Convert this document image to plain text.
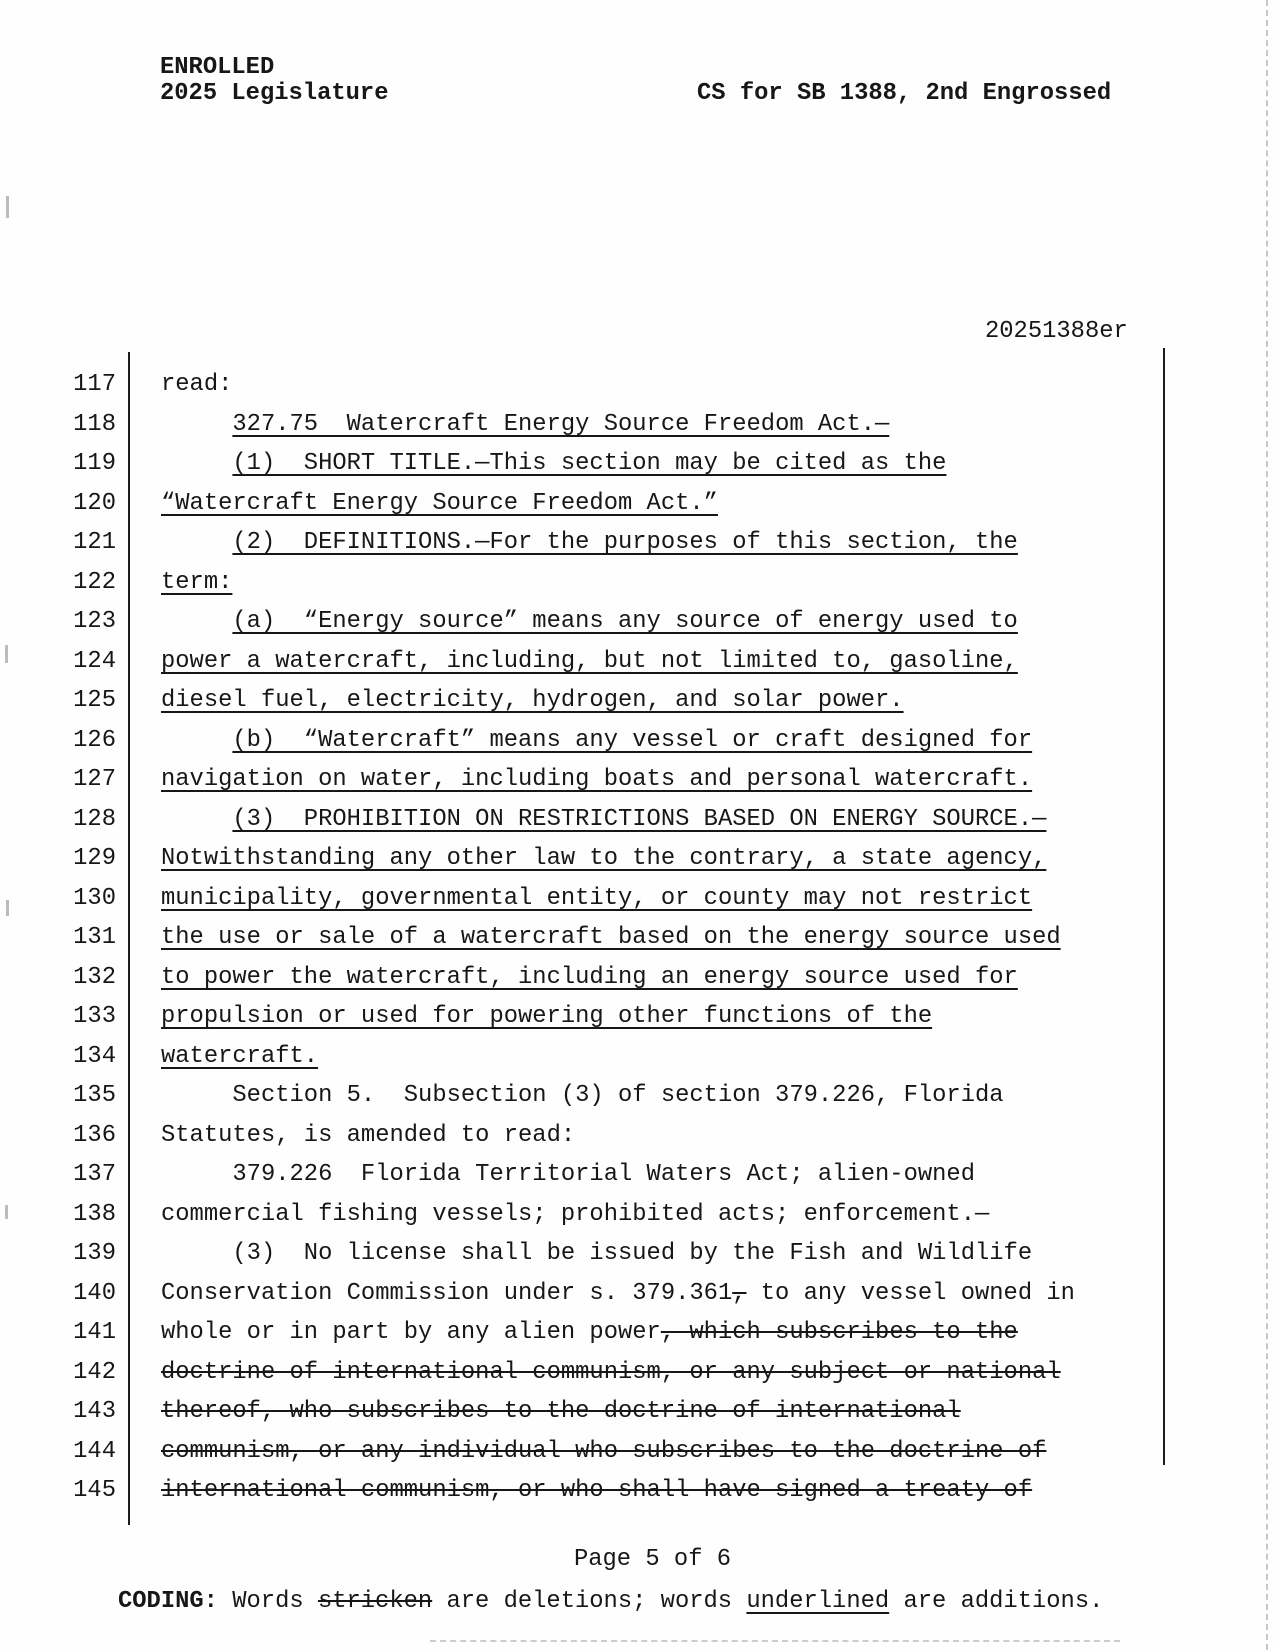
ENROLLED
2025 Legislature	CS for SB 1388, 2nd Engrossed
20251388er
117 read:
118	327.75  Watercraft Energy Source Freedom Act.—
119	(1)  SHORT TITLE.—This section may be cited as the
120 “Watercraft Energy Source Freedom Act.”
121	(2)  DEFINITIONS.—For the purposes of this section, the
122 term:
123	(a)  “Energy source” means any source of energy used to
124 power a watercraft, including, but not limited to, gasoline,
125 diesel fuel, electricity, hydrogen, and solar power.
126	(b)  “Watercraft” means any vessel or craft designed for
127 navigation on water, including boats and personal watercraft.
128	(3)  PROHIBITION ON RESTRICTIONS BASED ON ENERGY SOURCE.—
129 Notwithstanding any other law to the contrary, a state agency,
130 municipality, governmental entity, or county may not restrict
131 the use or sale of a watercraft based on the energy source used
132 to power the watercraft, including an energy source used for
133 propulsion or used for powering other functions of the
134 watercraft.
135 Section 5.  Subsection (3) of section 379.226, Florida
136 Statutes, is amended to read:
137 379.226  Florida Territorial Waters Act; alien-owned
138 commercial fishing vessels; prohibited acts; enforcement.—
139 (3)  No license shall be issued by the Fish and Wildlife
140 Conservation Commission under s. 379.361, to any vessel owned in
141 whole or in part by any alien power, which subscribes to the
142 doctrine of international communism, or any subject or national
143 thereof, who subscribes to the doctrine of international
144 communism, or any individual who subscribes to the doctrine of
145 international communism, or who shall have signed a treaty of
Page 5 of 6
CODING: Words stricken are deletions; words underlined are additions.
